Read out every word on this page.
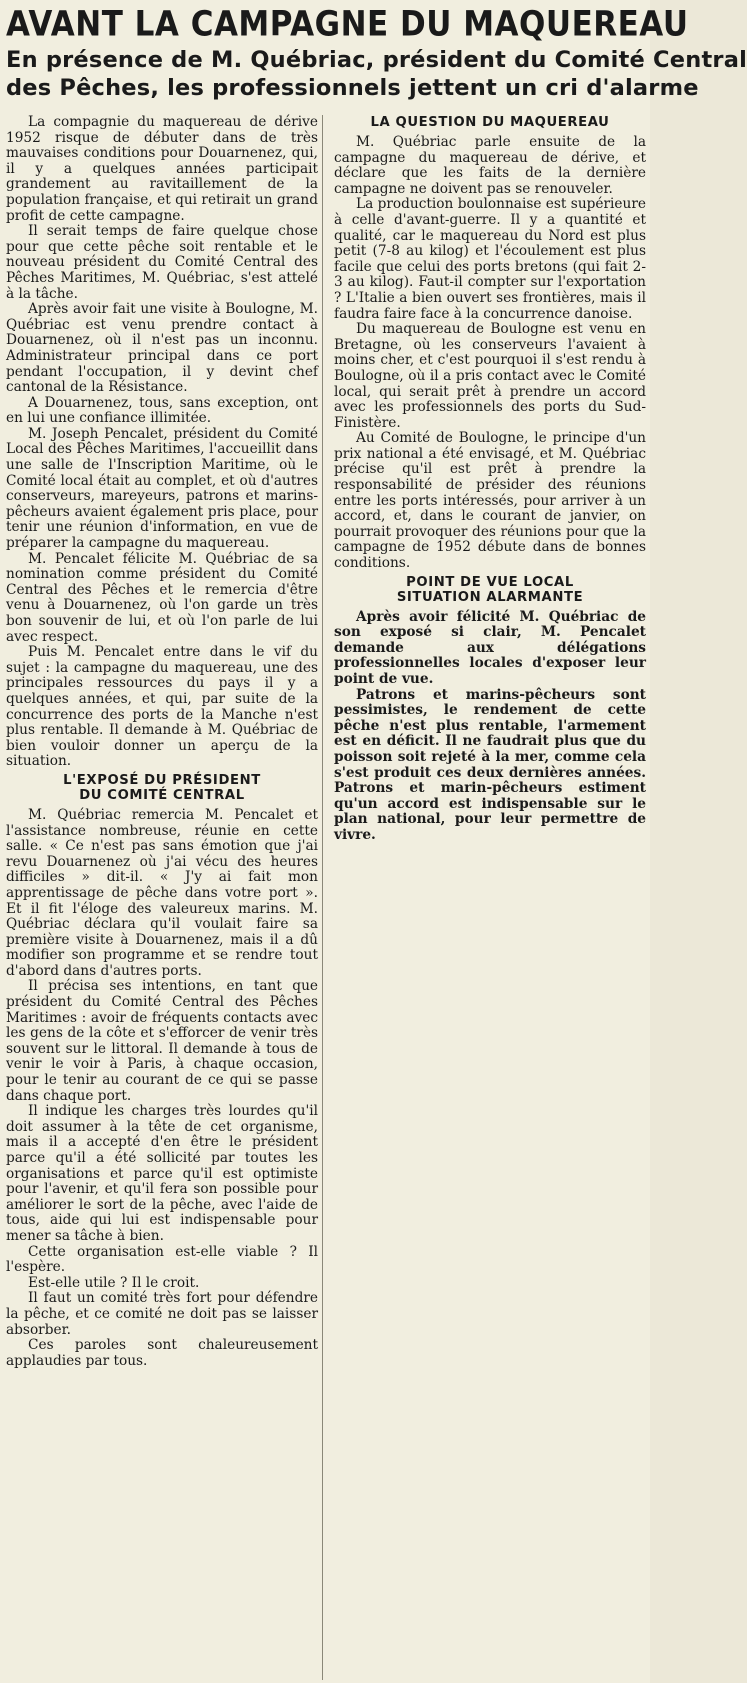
AVANT LA CAMPAGNE DU MAQUEREAU
En présence de M. Québriac, président du Comité Central
des Pêches, les professionnels jettent un cri d'alarme

La compagnie du maquereau de dérive 1952 risque de débuter dans de très mauvaises conditions pour Douarnenez, qui, il y a quelques années participait grandement au ravitaillement de la population française, et qui retirait un grand profit de cette campagne.

Il serait temps de faire quelque chose pour que cette pêche soit rentable et le nouveau président du Comité Central des Pêches Maritimes, M. Québriac, s'est attelé à la tâche.

Après avoir fait une visite à Boulogne, M. Québriac est venu prendre contact à Douarnenez, où il n'est pas un inconnu. Administrateur principal dans ce port pendant l'occupation, il y devint chef cantonal de la Résistance.

A Douarnenez, tous, sans exception, ont en lui une confiance illimitée.

M. Joseph Pencalet, président du Comité Local des Pêches Maritimes, l'accueillit dans une salle de l'Inscription Maritime, où le Comité local était au complet, et où d'autres conserveurs, mareyeurs, patrons et marins-pêcheurs avaient également pris place, pour tenir une réunion d'information, en vue de préparer la campagne du maquereau.

M. Pencalet félicite M. Québriac de sa nomination comme président du Comité Central des Pêches et le remercia d'être venu à Douarnenez, où l'on garde un très bon souvenir de lui, et où l'on parle de lui avec respect.

Puis M. Pencalet entre dans le vif du sujet : la campagne du maquereau, une des principales ressources du pays il y a quelques années, et qui, par suite de la concurrence des ports de la Manche n'est plus rentable. Il demande à M. Québriac de bien vouloir donner un aperçu de la situation.

L'EXPOSÉ DU PRÉSIDENT
DU COMITÉ CENTRAL

M. Québriac remercia M. Pencalet et l'assistance nombreuse, réunie en cette salle. « Ce n'est pas sans émotion que j'ai revu Douarnenez où j'ai vécu des heures difficiles » dit-il. « J'y ai fait mon apprentissage de pêche dans votre port ». Et il fit l'éloge des valeureux marins. M. Québriac déclara qu'il voulait faire sa première visite à Douarnenez, mais il a dû modifier son programme et se rendre tout d'abord dans d'autres ports.

Il précisa ses intentions, en tant que président du Comité Central des Pêches Maritimes : avoir de fréquents contacts avec les gens de la côte et s'efforcer de venir très souvent sur le littoral. Il demande à tous de venir le voir à Paris, à chaque occasion, pour le tenir au courant de ce qui se passe dans chaque port.

Il indique les charges très lourdes qu'il doit assumer à la tête de cet organisme, mais il a accepté d'en être le président parce qu'il a été sollicité par toutes les organisations et parce qu'il est optimiste pour l'avenir, et qu'il fera son possible pour améliorer le sort de la pêche, avec l'aide de tous, aide qui lui est indispensable pour mener sa tâche à bien.

Cette organisation est-elle viable ? Il l'espère.

Est-elle utile ? Il le croit.

Il faut un comité très fort pour défendre la pêche, et ce comité ne doit pas se laisser absorber.

Ces paroles sont chaleureusement applaudies par tous.

LA QUESTION DU MAQUEREAU

M. Québriac parle ensuite de la campagne du maquereau de dérive, et déclare que les faits de la dernière campagne ne doivent pas se renouveler.

La production boulonnaise est supérieure à celle d'avant-guerre. Il y a quantité et qualité, car le maquereau du Nord est plus petit (7-8 au kilog) et l'écoulement est plus facile que celui des ports bretons (qui fait 2-3 au kilog). Faut-il compter sur l'exportation ? L'Italie a bien ouvert ses frontières, mais il faudra faire face à la concurrence danoise.

Du maquereau de Boulogne est venu en Bretagne, où les conserveurs l'avaient à moins cher, et c'est pourquoi il s'est rendu à Boulogne, où il a pris contact avec le Comité local, qui serait prêt à prendre un accord avec les professionnels des ports du Sud-Finistère.

Au Comité de Boulogne, le principe d'un prix national a été envisagé, et M. Québriac précise qu'il est prêt à prendre la responsabilité de présider des réunions entre les ports intéressés, pour arriver à un accord, et, dans le courant de janvier, on pourrait provoquer des réunions pour que la campagne de 1952 débute dans de bonnes conditions.

POINT DE VUE LOCAL
SITUATION ALARMANTE

Après avoir félicité M. Québriac de son exposé si clair, M. Pencalet demande aux délégations professionnelles locales d'exposer leur point de vue.

Patrons et marins-pêcheurs sont pessimistes, le rendement de cette pêche n'est plus rentable, l'armement est en déficit. Il ne faudrait plus que du poisson soit rejeté à la mer, comme cela s'est produit ces deux dernières années. Patrons et marin-pêcheurs estiment qu'un accord est indispensable sur le plan national, pour leur permettre de vivre.
